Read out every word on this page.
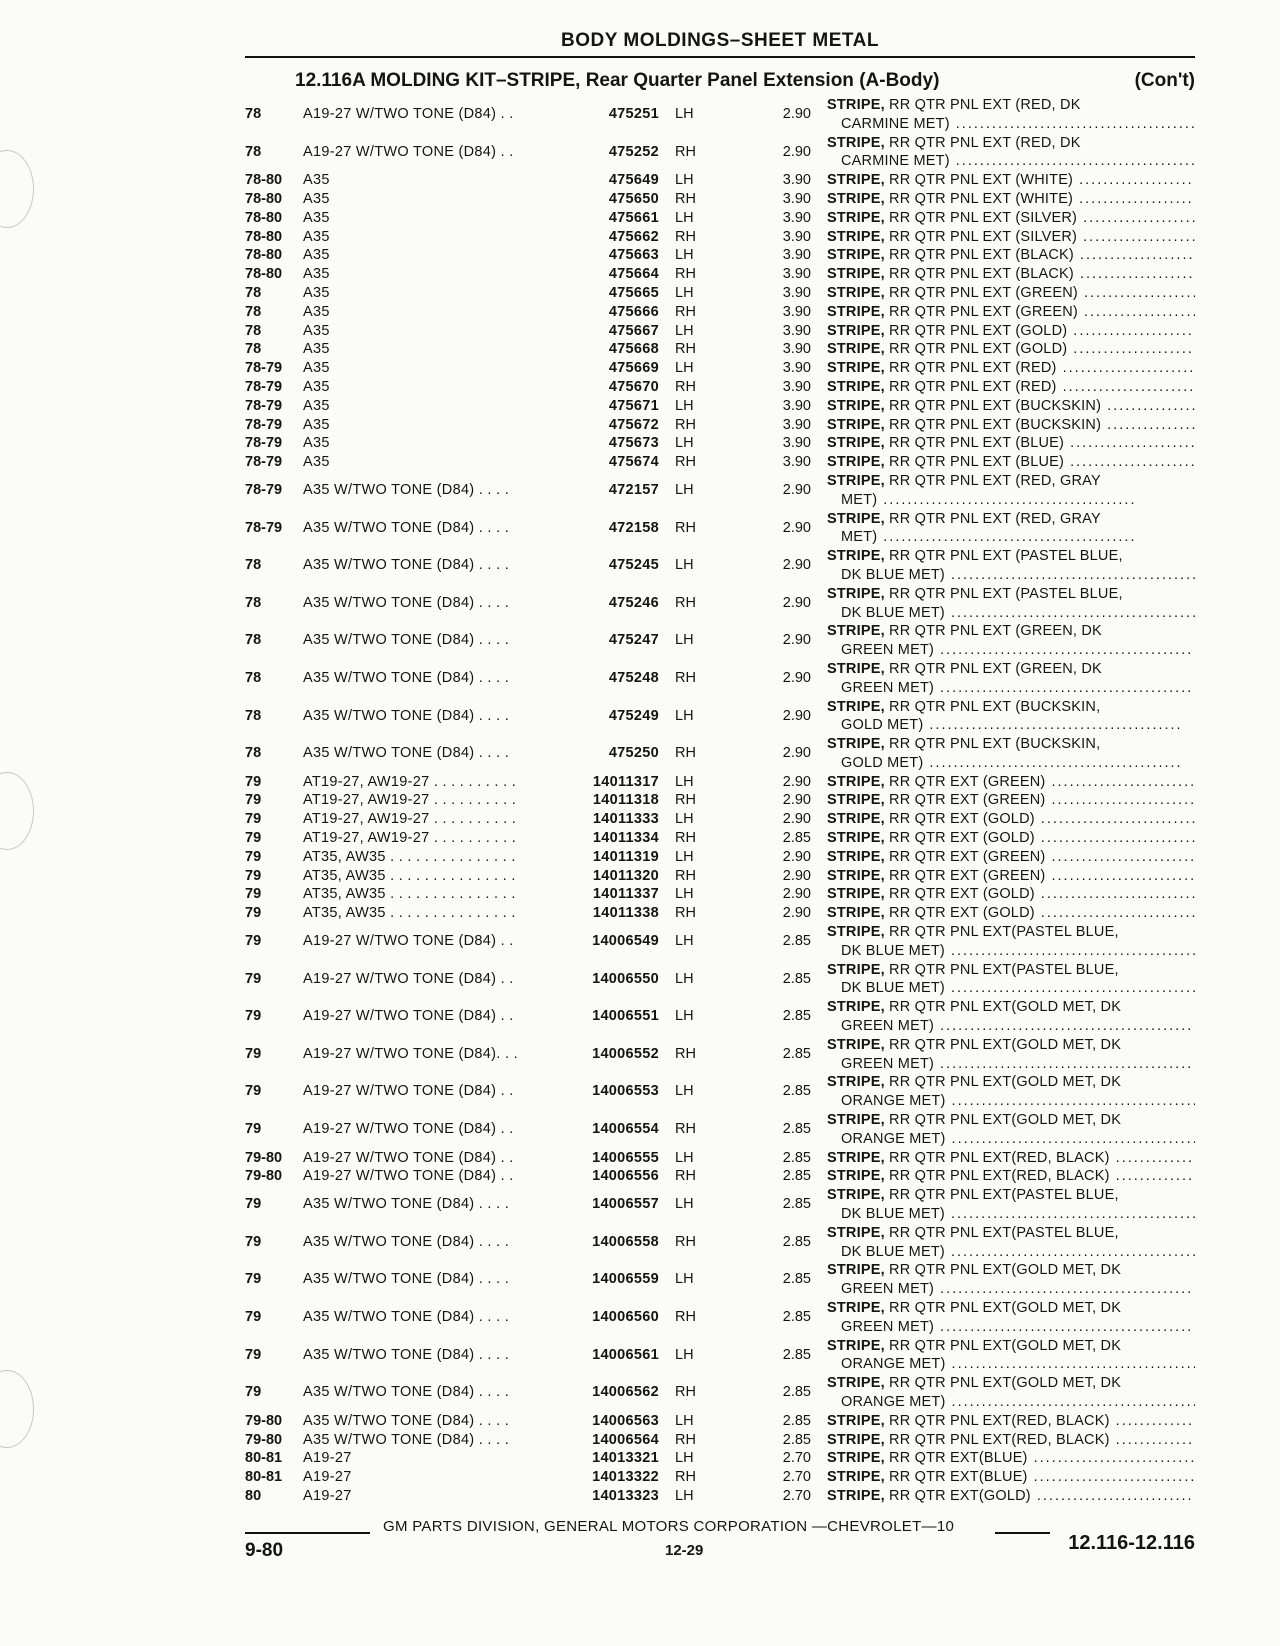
BODY MOLDINGS–SHEET METAL
12.116A MOLDING KIT–STRIPE, Rear Quarter Panel Extension (A-Body)	(Con't)
78	A19-27 W/TWO TONE (D84) . .	475251 LH	2.90
STRIPE, RR QTR PNL EXT (RED, DK
CARMINE MET) .....
78	A19-27 W/TWO TONE (D84) . .	475252 RH	2.90
STRIPE, RR QTR PNL EXT (RED, DK
CARMINE MET) .....
78-80	A35	475649 LH	3.90 STRIPE, RR QTR PNL EXT (WHITE) .....
78-80	A35	475650 RH	3.90 STRIPE, RR QTR PNL EXT (WHITE) .....
78-80	A35	475661 LH	3.90 STRIPE, RR QTR PNL EXT (SILVER) .....
78-80	A35	475662 RH	3.90 STRIPE, RR QTR PNL EXT (SILVER) .....
78-80	A35	475663 LH	3.90 STRIPE, RR QTR PNL EXT (BLACK) .....
78-80	A35	475664 RH	3.90 STRIPE, RR QTR PNL EXT (BLACK) .....
78	A35	475665 LH	3.90 STRIPE, RR QTR PNL EXT (GREEN) .....
78	A35	475666 RH	3.90 STRIPE, RR QTR PNL EXT (GREEN) .....
78	A35	475667 LH	3.90 STRIPE, RR QTR PNL EXT (GOLD) .....
78	A35	475668 RH	3.90 STRIPE, RR QTR PNL EXT (GOLD) .....
78-79	A35	475669 LH	3.90 STRIPE, RR QTR PNL EXT (RED) .....
78-79	A35	475670 RH	3.90 STRIPE, RR QTR PNL EXT (RED) .....
78-79	A35	475671 LH	3.90 STRIPE, RR QTR PNL EXT (BUCKSKIN) .....
78-79	A35	475672 RH	3.90 STRIPE, RR QTR PNL EXT (BUCKSKIN) .....
78-79	A35	475673 LH	3.90 STRIPE, RR QTR PNL EXT (BLUE) .....
78-79	A35	475674 RH	3.90 STRIPE, RR QTR PNL EXT (BLUE) .....
78-79	A35 W/TWO TONE (D84) . . . .	472157 LH	2.90
STRIPE, RR QTR PNL EXT (RED, GRAY
MET) .....
78-79	A35 W/TWO TONE (D84) . . . .	472158 RH	2.90
STRIPE, RR QTR PNL EXT (RED, GRAY
MET) .....
78	A35 W/TWO TONE (D84) . . . .	475245 LH	2.90
STRIPE, RR QTR PNL EXT (PASTEL BLUE,
DK BLUE MET) .....
78	A35 W/TWO TONE (D84) . . . .	475246 RH	2.90
STRIPE, RR QTR PNL EXT (PASTEL BLUE,
DK BLUE MET) .....
78	A35 W/TWO TONE (D84) . . . .	475247 LH	2.90
STRIPE, RR QTR PNL EXT (GREEN, DK
GREEN MET) .....
78	A35 W/TWO TONE (D84) . . . .	475248 RH	2.90
STRIPE, RR QTR PNL EXT (GREEN, DK
GREEN MET) .....
78	A35 W/TWO TONE (D84) . . . .	475249 LH	2.90
STRIPE, RR QTR PNL EXT (BUCKSKIN,
GOLD MET) .....
78	A35 W/TWO TONE (D84) . . . .	475250 RH	2.90
STRIPE, RR QTR PNL EXT (BUCKSKIN,
GOLD MET) .....
79	AT19-27, AW19-27 . . . . . . . . . .	14011317 LH	2.90 STRIPE, RR QTR EXT (GREEN) .....
79	AT19-27, AW19-27 . . . . . . . . . .	14011318 RH	2.90 STRIPE, RR QTR EXT (GREEN) .....
79	AT19-27, AW19-27 . . . . . . . . . .	14011333 LH	2.90 STRIPE, RR QTR EXT (GOLD) .....
79	AT19-27, AW19-27 . . . . . . . . . .	14011334 RH	2.85 STRIPE, RR QTR EXT (GOLD) .....
79	AT35, AW35 . . . . . . . . . . . . . . .	14011319 LH	2.90 STRIPE, RR QTR EXT (GREEN) .....
79	AT35, AW35 . . . . . . . . . . . . . . .	14011320 RH	2.90 STRIPE, RR QTR EXT (GREEN) .....
79	AT35, AW35 . . . . . . . . . . . . . . .	14011337 LH	2.90 STRIPE, RR QTR EXT (GOLD) .....
79	AT35, AW35 . . . . . . . . . . . . . . .	14011338 RH	2.90 STRIPE, RR QTR EXT (GOLD) .....
79	A19-27 W/TWO TONE (D84) . .	14006549 LH	2.85
STRIPE, RR QTR PNL EXT(PASTEL BLUE,
DK BLUE MET) .....
79	A19-27 W/TWO TONE (D84) . .	14006550 LH	2.85
STRIPE, RR QTR PNL EXT(PASTEL BLUE,
DK BLUE MET) .....
79	A19-27 W/TWO TONE (D84) . .	14006551 LH	2.85
STRIPE, RR QTR PNL EXT(GOLD MET, DK
GREEN MET) .....
79	A19-27 W/TWO TONE (D84). . .	14006552 RH	2.85
STRIPE, RR QTR PNL EXT(GOLD MET, DK
GREEN MET) .....
79	A19-27 W/TWO TONE (D84) . .	14006553 LH	2.85
STRIPE, RR QTR PNL EXT(GOLD MET, DK
ORANGE MET) .....
79	A19-27 W/TWO TONE (D84) . .	14006554 RH	2.85
STRIPE, RR QTR PNL EXT(GOLD MET, DK
ORANGE MET) .....
79-80	A19-27 W/TWO TONE (D84) . .	14006555 LH	2.85 STRIPE, RR QTR PNL EXT(RED, BLACK) .....
79-80	A19-27 W/TWO TONE (D84) . .	14006556 RH	2.85 STRIPE, RR QTR PNL EXT(RED, BLACK) .....
79	A35 W/TWO TONE (D84) . . . .	14006557 LH	2.85
STRIPE, RR QTR PNL EXT(PASTEL BLUE,
DK BLUE MET) .....
79	A35 W/TWO TONE (D84) . . . .	14006558 RH	2.85
STRIPE, RR QTR PNL EXT(PASTEL BLUE,
DK BLUE MET) .....
79	A35 W/TWO TONE (D84) . . . .	14006559 LH	2.85
STRIPE, RR QTR PNL EXT(GOLD MET, DK
GREEN MET) .....
79	A35 W/TWO TONE (D84) . . . .	14006560 RH	2.85
STRIPE, RR QTR PNL EXT(GOLD MET, DK
GREEN MET) .....
79	A35 W/TWO TONE (D84) . . . .	14006561 LH	2.85
STRIPE, RR QTR PNL EXT(GOLD MET, DK
ORANGE MET) .....
79	A35 W/TWO TONE (D84) . . . .	14006562 RH	2.85
STRIPE, RR QTR PNL EXT(GOLD MET, DK
ORANGE MET) .....
79-80	A35 W/TWO TONE (D84) . . . .	14006563 LH	2.85 STRIPE, RR QTR PNL EXT(RED, BLACK) .....
79-80	A35 W/TWO TONE (D84) . . . .	14006564 RH	2.85 STRIPE, RR QTR PNL EXT(RED, BLACK) .....
80-81	A19-27	14013321 LH	2.70 STRIPE, RR QTR EXT(BLUE) .....
80-81	A19-27	14013322 RH	2.70 STRIPE, RR QTR EXT(BLUE) .....
80	A19-27	14013323 LH	2.70 STRIPE, RR QTR EXT(GOLD) .....
GM PARTS DIVISION, GENERAL MOTORS CORPORATION —CHEVROLET—10
9-80	12-29	12.116-12.116
